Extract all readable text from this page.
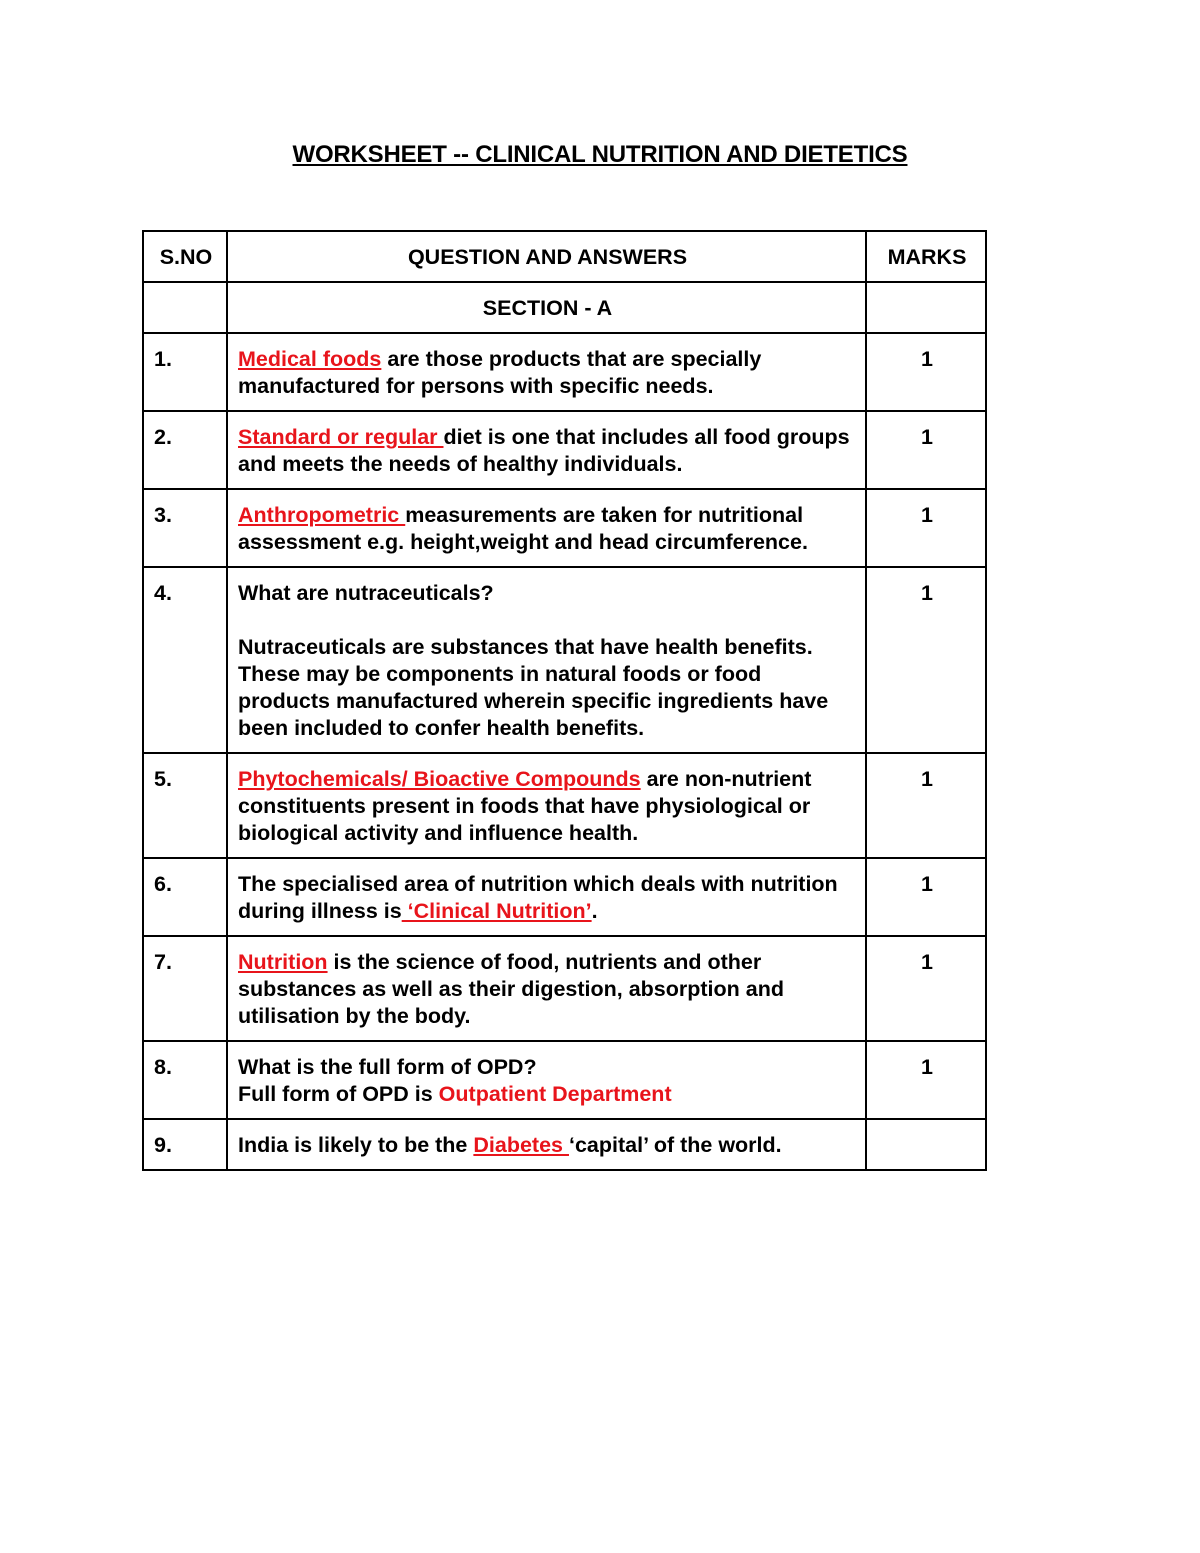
WORKSHEET -- CLINICAL NUTRITION AND DIETETICS
S.NO	QUESTION AND ANSWERS	MARKS
	SECTION - A	
1.	Medical foods are those products that are specially manufactured for persons with specific needs.	1
2.	Standard or regular diet is one that includes all food groups and meets the needs of healthy individuals.	1
3.	Anthropometric measurements are taken for nutritional assessment e.g. height,weight and head circumference.	1
4.	What are nutraceuticals?
Nutraceuticals are substances that have health benefits. These may be components in natural foods or food products manufactured wherein specific ingredients have been included to confer health benefits.	1
5.	Phytochemicals/ Bioactive Compounds are non-nutrient constituents present in foods that have physiological or biological activity and influence health.	1
6.	The specialised area of nutrition which deals with nutrition during illness is ‘Clinical Nutrition’.	1
7.	Nutrition is the science of food, nutrients and other substances as well as their digestion, absorption and utilisation by the body.	1
8.	What is the full form of OPD?
Full form of OPD is Outpatient Department	1
9.	India is likely to be the Diabetes ‘capital’ of the world.	
